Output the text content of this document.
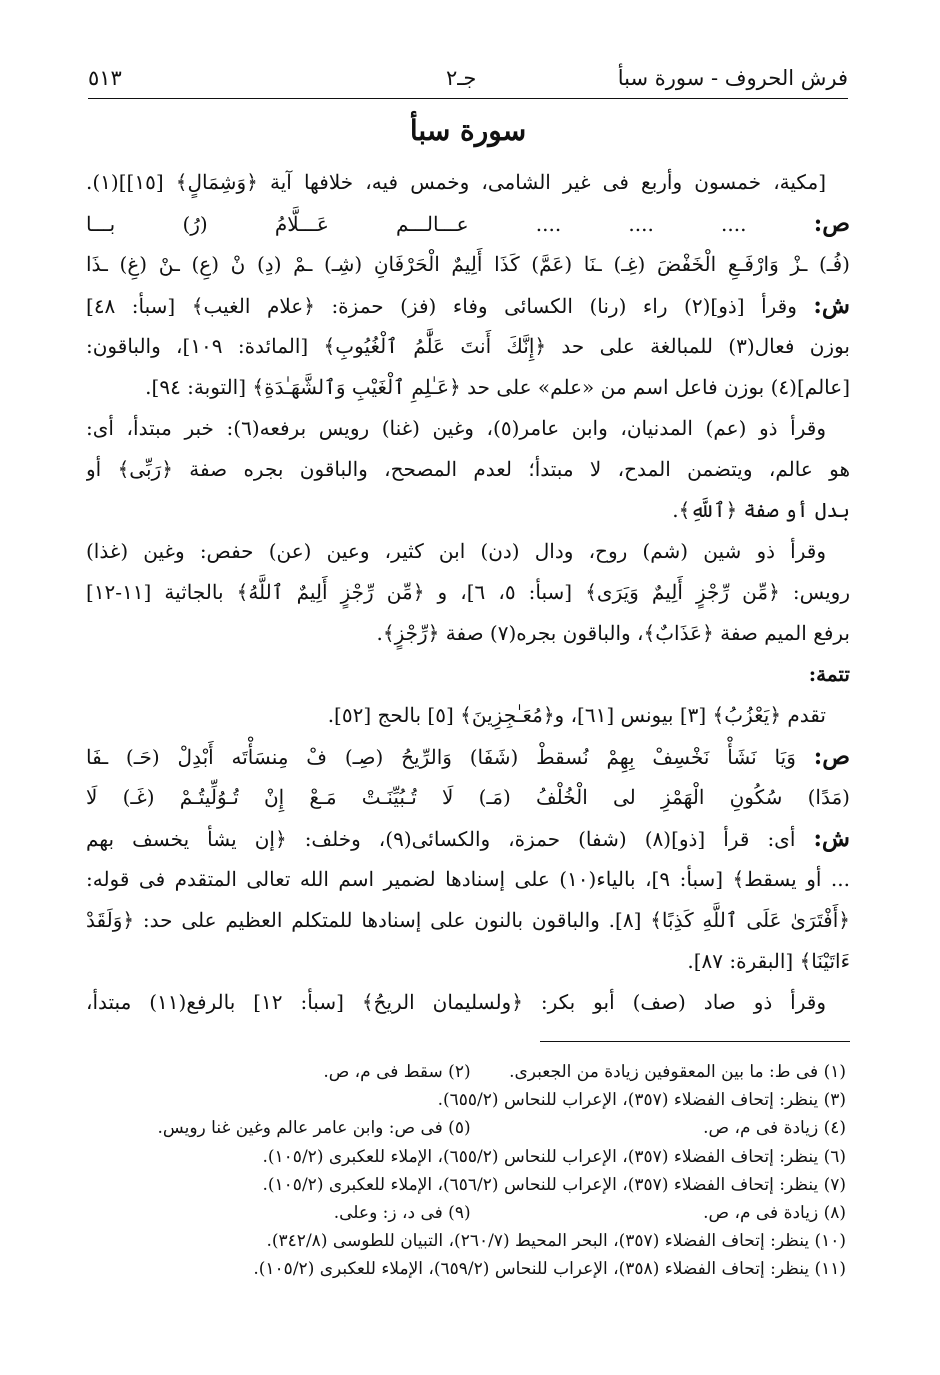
فرش الحروف - سورة سبأ
جـ٢
٥١٣
سورة سبأ
[مكية، خمسون وأربع فى غير الشامى، وخمس فيه، خلافها آية ﴿وَشِمَالٍ﴾ [١٥]](١).
ص: .... .... .... عـــالـــم عَـــلَّامُ (رُ) بـــا
(فُـ) ـزْ وَارْفَـعِ الْخَفْضَ (غِـ) ـنَا (عَمَّ) كَذَا أَلِيمٌ الْحَرْفَانِ (شِـ) ـمْ (دِ) نْ (عِ) ـنْ (غِ) ـذَا
ش: وقرأ [ذو](٢) راء (رنا) الكسائى وفاء (فز) حمزة: ﴿علام الغيب﴾ [سبأ: ٤٨]
بوزن فعال(٣) للمبالغة على حد ﴿إِنَّكَ أَنتَ عَلَّٰمُ ٱلْغُيُوبِ﴾ [المائدة: ١٠٩]، والباقون:
[عالم](٤) بوزن فاعل اسم من «علم» على حد ﴿عَـٰلِمِ ٱلْغَيْبِ وَٱلشَّهَـٰدَةِ﴾ [التوبة: ٩٤].
وقرأ ذو (عم) المدنيان، وابن عامر(٥)، وغين (غنا) رويس برفعه(٦): خبر مبتدأ، أى:
هو عالم، ويتضمن المدح، لا مبتدأ؛ لعدم المصحح، والباقون بجره صفة ﴿رَبِّى﴾ أو
بدل أو صفة ﴿ٱللَّهِ﴾.
وقرأ ذو شين (شم) روح، ودال (دن) ابن كثير، وعين (عن) حفص: وغين (غذا)
رويس: ﴿مِّن رِّجْزٍ أَلِيمٌ وَيَرَى﴾ [سبأ: ٥، ٦]، و ﴿مِّن رِّجْزٍ أَلِيمٌ ٱللَّهُ﴾ بالجاثية [١١-١٢]
برفع الميم صفة ﴿عَذَابٌ﴾، والباقون بجره(٧) صفة ﴿رِّجْزٍ﴾.
تتمة:
تقدم ﴿يَعْزُبُ﴾ [٣] بيونس [٦١]، و﴿مُعَـٰجِزِينَ﴾ [٥] بالحج [٥٢].
ص: وَيَا نَشَأْ نَخْسِفْ بِهِمْ نُسقطْ (شَفَا) وَالرِّيحُ (صِـ) فْ مِنسَأْتَه أَبْدِلْ (حَـ) ـفَا
(مَدًا) سُكُونِ الْهَمْزِ لى الْخُلْفُ (مَـ) لَا تُـبُيِّنَـتْ مَـعْ إِنْ تُـوُلِّيتُـمْ (غَـ) لَا
ش: أى: قرأ [ذو](٨) (شفا) حمزة، والكسائى(٩)، وخلف: ﴿إن يشأ يخسف بهم
... أو يسقط﴾ [سبأ: ٩]، بالياء(١٠) على إسنادها لضمير اسم الله تعالى المتقدم فى قوله:
﴿أَفْتَرَىٰ عَلَى ٱللَّهِ كَذِبًا﴾ [٨]. والباقون بالنون على إسنادها للمتكلم العظيم على حد: ﴿وَلَقَدْ
ءَاتَيْنَا﴾ [البقرة: ٨٧].
وقرأ ذو صاد (صف) أبو بكر: ﴿ولسليمان الريحُ﴾ [سبأ: ١٢] بالرفع(١١) مبتدأ،
(١) فى ط: ما بين المعقوفين زيادة من الجعبرى. (٢) سقط فى م، ص.
(٣) ينظر: إتحاف الفضلاء (٣٥٧)، الإعراب للنحاس (٦٥٥/٢).
(٤) زيادة فى م، ص. (٥) فى ص: وابن عامر عالم وغين غنا رويس.
(٦) ينظر: إتحاف الفضلاء (٣٥٧)، الإعراب للنحاس (٦٥٥/٢)، الإملاء للعكبرى (١٠٥/٢).
(٧) ينظر: إتحاف الفضلاء (٣٥٧)، الإعراب للنحاس (٦٥٦/٢)، الإملاء للعكبرى (١٠٥/٢).
(٨) زيادة فى م، ص. (٩) فى د، ز: وعلى.
(١٠) ينظر: إتحاف الفضلاء (٣٥٧)، البحر المحيط (٢٦٠/٧)، التبيان للطوسى (٣٤٢/٨).
(١١) ينظر: إتحاف الفضلاء (٣٥٨)، الإعراب للنحاس (٦٥٩/٢)، الإملاء للعكبرى (١٠٥/٢).
